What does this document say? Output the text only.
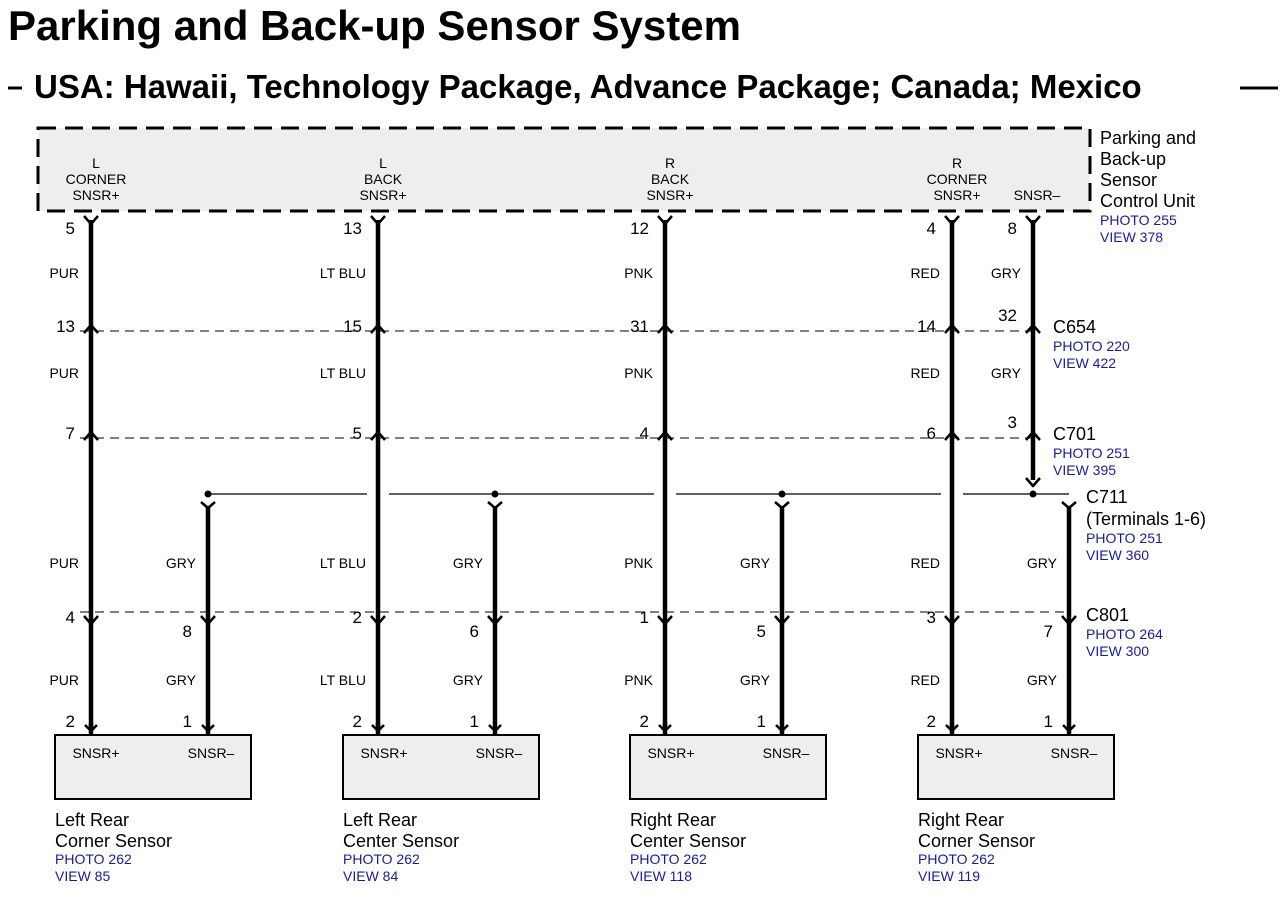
Parking and Back-up Sensor System
USA: Hawaii, Technology Package, Advance Package; Canada; Mexico
Parking and
Back-up
Sensor
Control Unit
PHOTO 255
VIEW 378
L
CORNER
SNSR+
L
BACK
SNSR+
R
BACK
SNSR+
R
CORNER
SNSR+ SNSR–
5
13
7
4
2
PUR
PUR
PUR
PUR
13
15
5
2
2
LT BLU
LT BLU
LT BLU
LT BLU
12
31
4
1
2
PNK
PNK
PNK
PNK
4
14
6
3
2
RED
RED
RED
RED
8
32
3
GRY
GRY
8
1
GRY
GRY
6
1
GRY
GRY
5
1
GRY
GRY
7
1
GRY
GRY
C654
PHOTO 220
VIEW 422
C701
PHOTO 251
VIEW 395
C711
(Terminals 1-6)
PHOTO 251
VIEW 360
C801
PHOTO 264
VIEW 300
SNSR+	SNSR–
Left Rear
Corner Sensor
PHOTO 262
VIEW 85
SNSR+	SNSR–
Left Rear
Center Sensor
PHOTO 262
VIEW 84
SNSR+	SNSR–
Right Rear
Center Sensor
PHOTO 262
VIEW 118
SNSR+	SNSR–
Right Rear
Corner Sensor
PHOTO 262
VIEW 119
